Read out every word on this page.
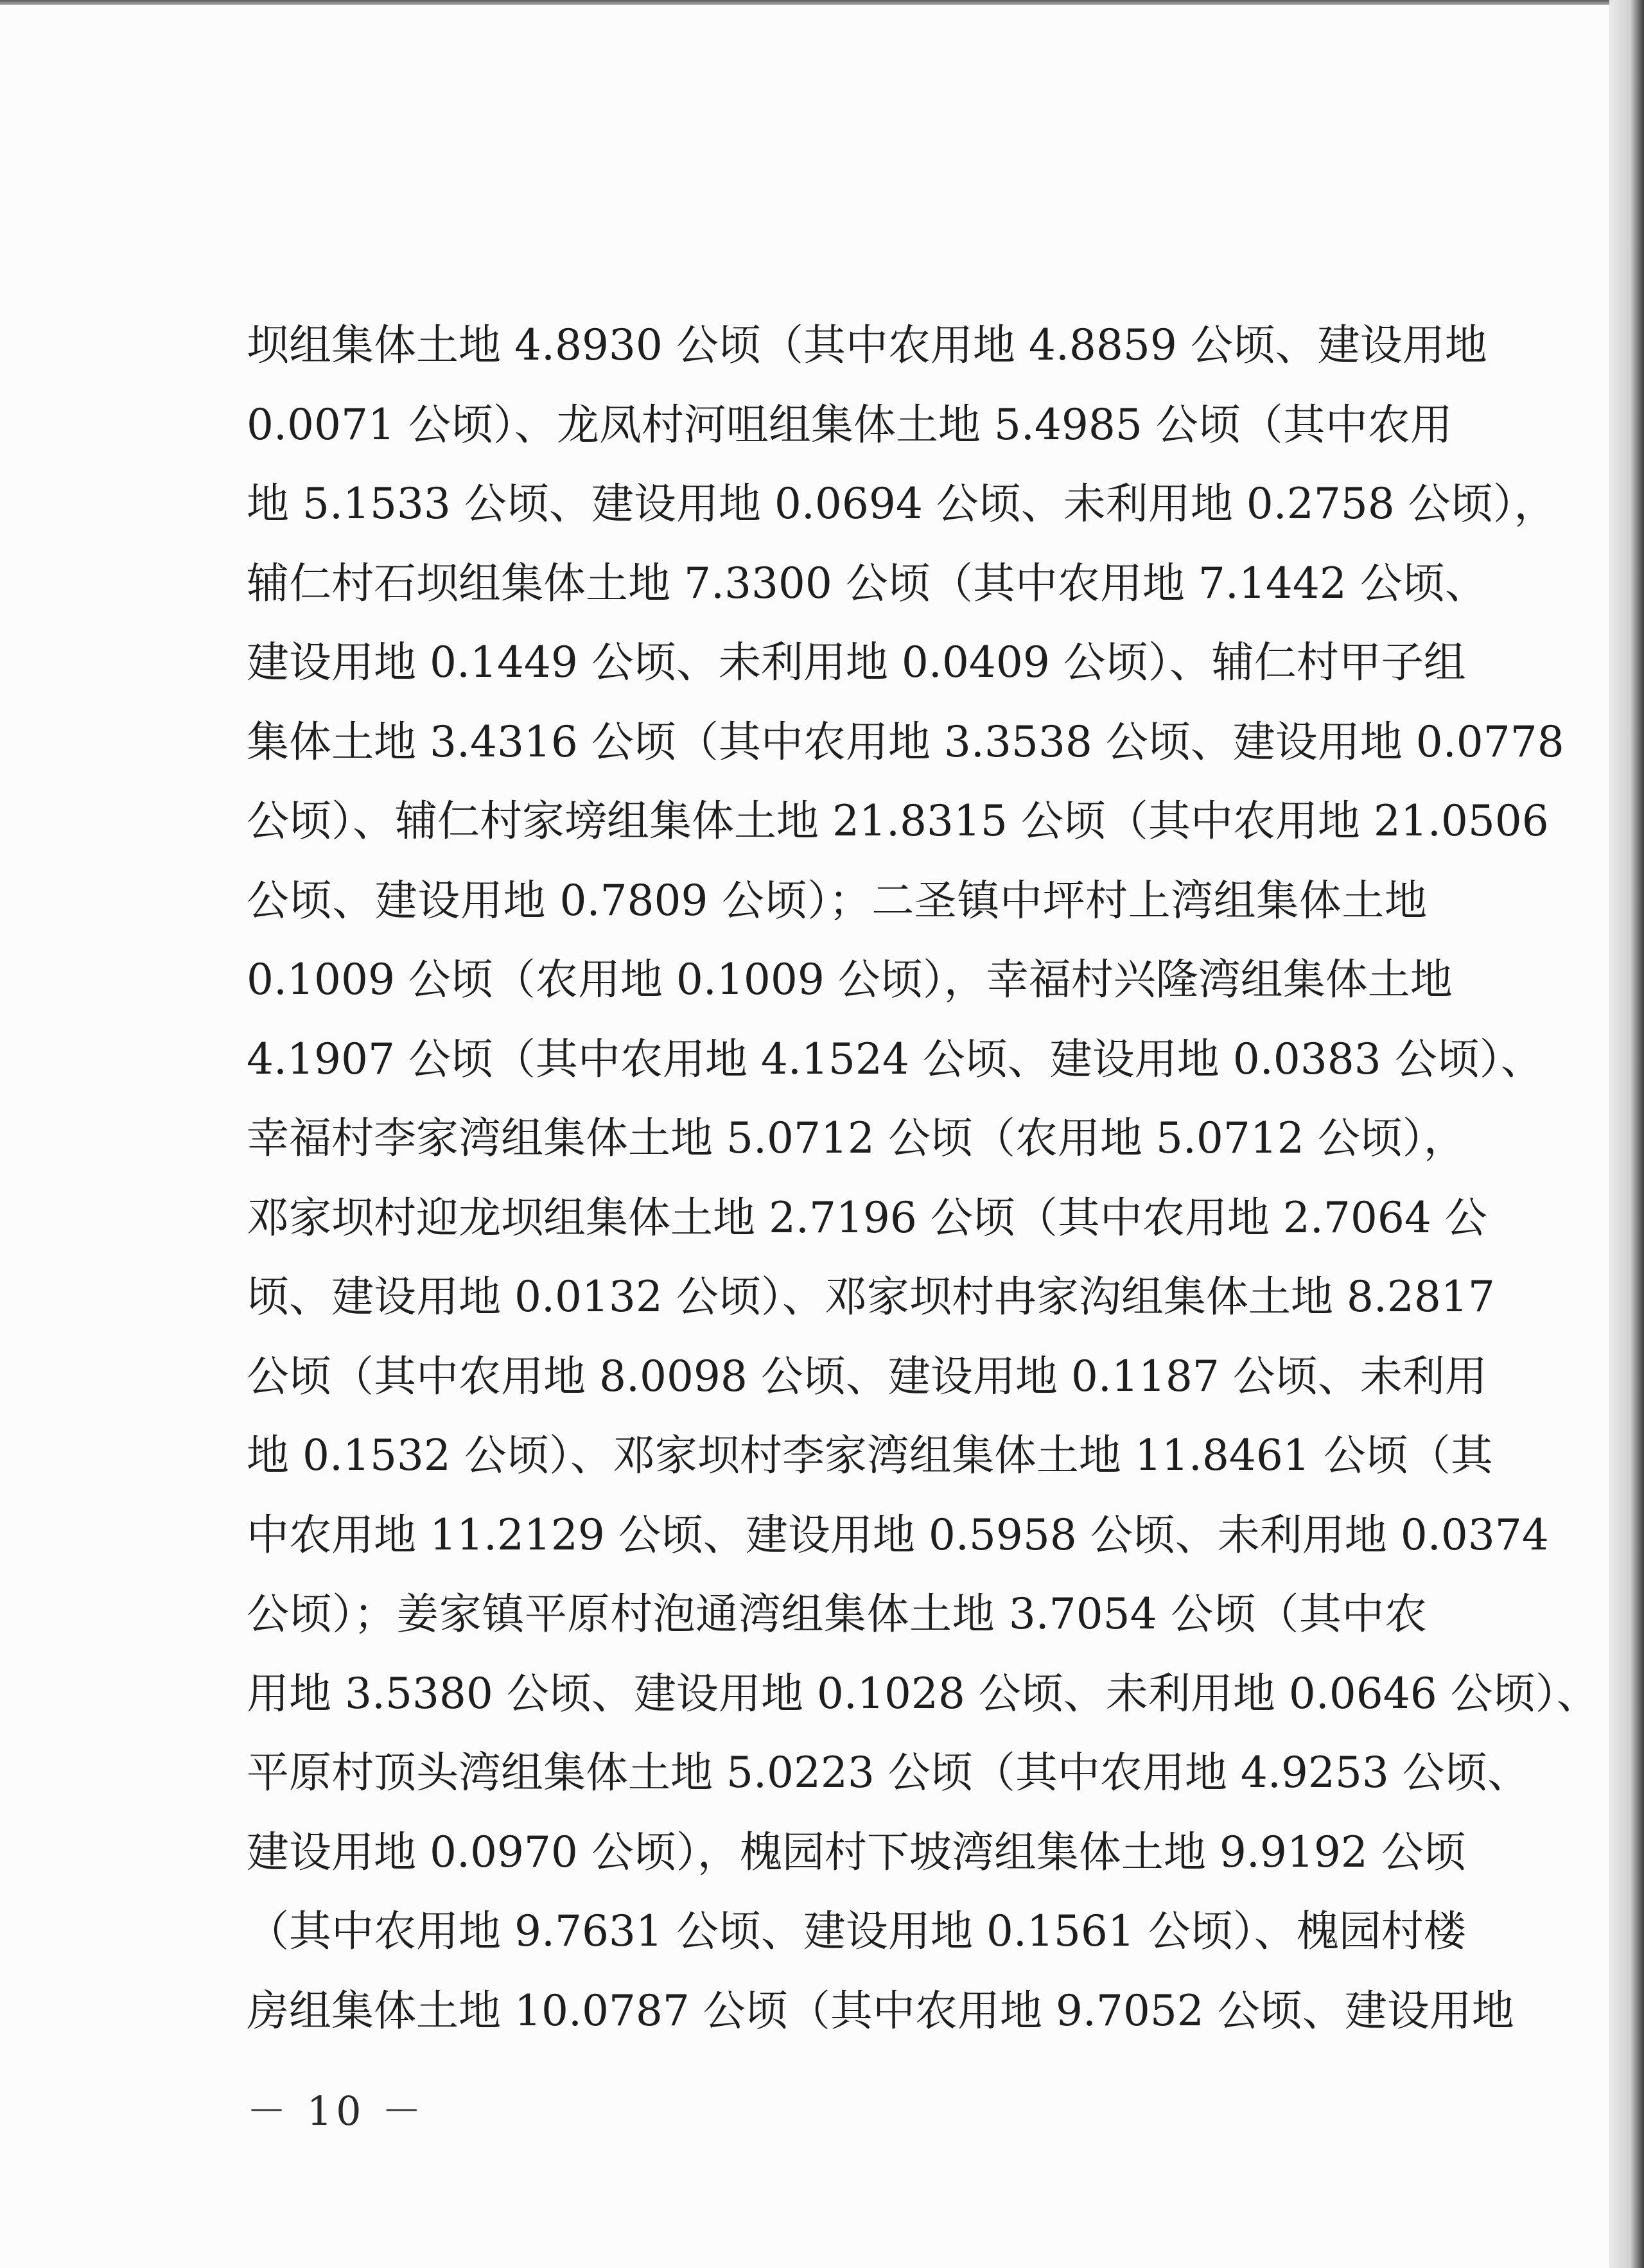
坝组集体土地 4.8930 公顷（其中农用地 4.8859 公顷、建设用地
0.0071 公顷）、龙凤村河咀组集体土地 5.4985 公顷（其中农用
地 5.1533 公顷、建设用地 0.0694 公顷、未利用地 0.2758 公顷），
辅仁村石坝组集体土地 7.3300 公顷（其中农用地 7.1442 公顷、
建设用地 0.1449 公顷、未利用地 0.0409 公顷）、辅仁村甲子组
集体土地 3.4316 公顷（其中农用地 3.3538 公顷、建设用地 0.0778
公顷）、辅仁村家塝组集体土地 21.8315 公顷（其中农用地 21.0506
公顷、建设用地 0.7809 公顷）；二圣镇中坪村上湾组集体土地
0.1009 公顷（农用地 0.1009 公顷），幸福村兴隆湾组集体土地
4.1907 公顷（其中农用地 4.1524 公顷、建设用地 0.0383 公顷）、
幸福村李家湾组集体土地 5.0712 公顷（农用地 5.0712 公顷），
邓家坝村迎龙坝组集体土地 2.7196 公顷（其中农用地 2.7064 公
顷、建设用地 0.0132 公顷）、邓家坝村冉家沟组集体土地 8.2817
公顷（其中农用地 8.0098 公顷、建设用地 0.1187 公顷、未利用
地 0.1532 公顷）、邓家坝村李家湾组集体土地 11.8461 公顷（其
中农用地 11.2129 公顷、建设用地 0.5958 公顷、未利用地 0.0374
公顷）；姜家镇平原村泡通湾组集体土地 3.7054 公顷（其中农
用地 3.5380 公顷、建设用地 0.1028 公顷、未利用地 0.0646 公顷）、
平原村顶头湾组集体土地 5.0223 公顷（其中农用地 4.9253 公顷、
建设用地 0.0970 公顷），槐园村下坡湾组集体土地 9.9192 公顷
（其中农用地 9.7631 公顷、建设用地 0.1561 公顷）、槐园村楼
房组集体土地 10.0787 公顷（其中农用地 9.7052 公顷、建设用地
－ 10 －
